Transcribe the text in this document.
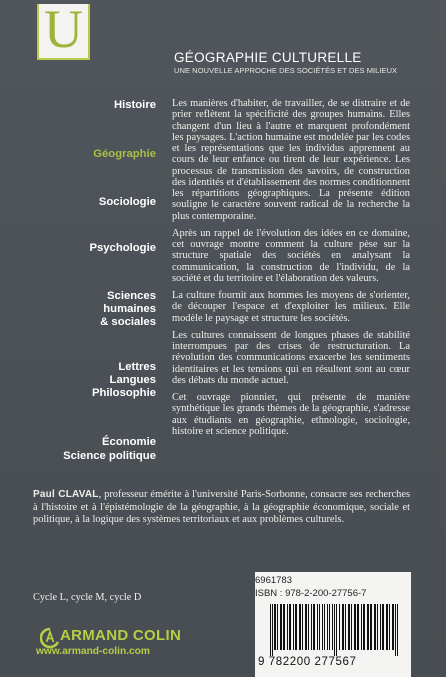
U	GÉOGRAPHIE CULTURELLE
UNE NOUVELLE APPROCHE DES SOCIÉTÉS ET DES MILIEUX
Histoire
Géographie
Sociologie
Psychologie
Sciences
humaines
& sociales
Lettres
Langues
Philosophie
Économie
Science politique

Les manières d'habiter, de travailler, de se distraire et de prier reflètent la spécificité des groupes humains. Elles changent d'un lieu à l'autre et marquent profondément les paysages. L'action humaine est modelée par les codes et les représentations que les individus apprennent au cours de leur enfance ou tirent de leur expérience. Les processus de transmission des savoirs, de construction des identités et d'établissement des normes conditionnent les répartitions géographiques. La présente édition souligne le caractère souvent radical de la recherche la plus contemporaine.

Après un rappel de l'évolution des idées en ce domaine, cet ouvrage montre comment la culture pèse sur la structure spatiale des sociétés en analysant la communication, la construction de l'individu, de la société et du territoire et l'élaboration des valeurs.

La culture fournit aux hommes les moyens de s'orienter, de découper l'espace et d'exploiter les milieux. Elle modèle le paysage et structure les sociétés.

Les cultures connaissent de longues phases de stabilité interrompues par des crises de restructuration. La révolution des communications exacerbe les sentiments identitaires et les tensions qui en résultent sont au cœur des débats du monde actuel.

Cet ouvrage pionnier, qui présente de manière synthétique les grands thèmes de la géographie, s'adresse aux étudiants en géographie, ethnologie, sociologie, histoire et science politique.

Paul CLAVAL, professeur émérite à l'université Paris-Sorbonne, consacre ses recherches à l'histoire et à l'épistémologie de la géographie, à la géographie économique, sociale et politique, à la logique des systèmes territoriaux et aux problèmes culturels.

Cycle L, cycle M, cycle D
ARMAND COLIN
www.armand-colin.com
6961783
ISBN : 978-2-200-27756-7
9 782200 277567
